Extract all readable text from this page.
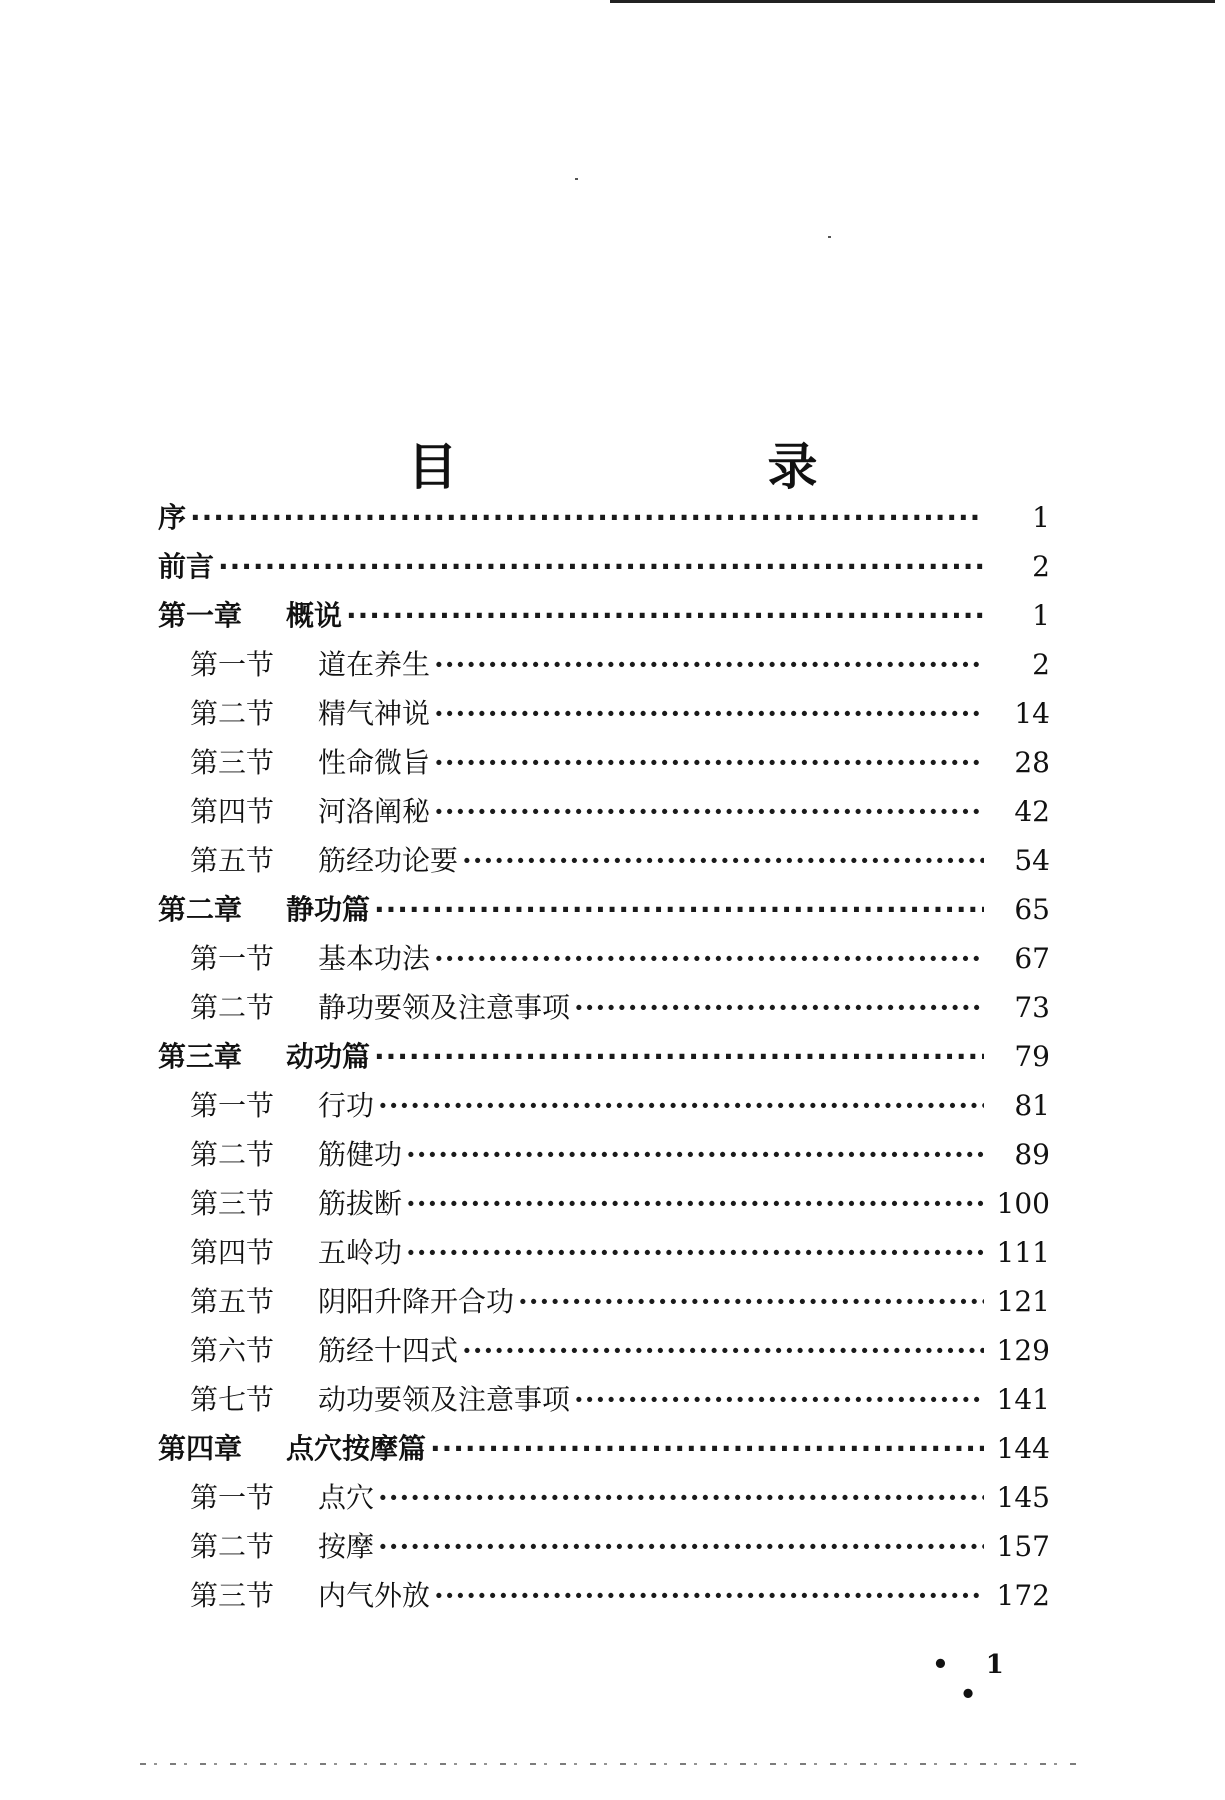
目　录
序 ·····	1
前言 ·····	2
第一章	概说 ·····	1
第一节	道在养生 ·····	2
第二节	精气神说 ·····	14
第三节	性命微旨 ·····	28
第四节	河洛阐秘 ·····	42
第五节	筋经功论要 ·····	54
第二章	静功篇 ·····	65
第一节	基本功法 ·····	67
第二节	静功要领及注意事项 ·····	73
第三章	动功篇 ·····	79
第一节	行功 ·····	81
第二节	筋健功 ·····	89
第三节	筋拔断 ·····	100
第四节	五岭功 ·····	111
第五节	阴阳升降开合功 ·····	121
第六节	筋经十四式 ·····	129
第七节	动功要领及注意事项 ·····	141
第四章	点穴按摩篇 ·····	144
第一节	点穴 ·····	145
第二节	按摩 ·····	157
第三节	内气外放 ·····	172
• 1 •
